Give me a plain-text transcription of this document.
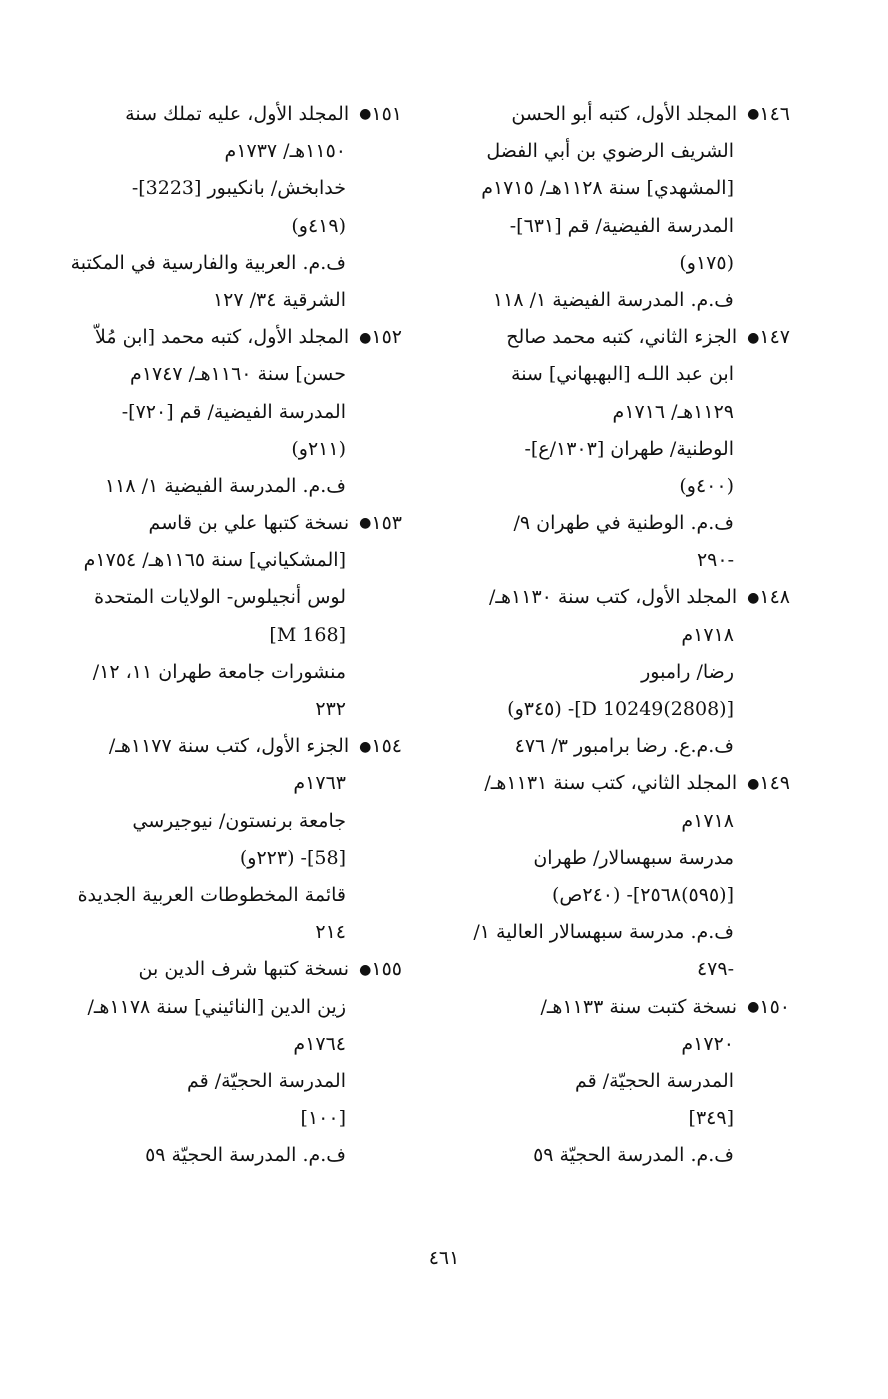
١٤٦● المجلد الأول، كتبه أبو الحسن
الشريف الرضوي بن أبي الفضل
[المشهدي] سنة ١١٢٨هـ/ ١٧١٥م
المدرسة الفيضية/ قم [٦٣١]-
(١٧٥و)
ف.م. المدرسة الفيضية ١/ ١١٨
١٤٧● الجزء الثاني، كتبه محمد صالح
ابن عبد اللـه [البهبهاني] سنة
١١٢٩هـ/ ١٧١٦م
الوطنية/ طهران [١٣٠٣/ع]-
(٤٠٠و)
ف.م. الوطنية في طهران ٩/
-٢٩٠
١٤٨● المجلد الأول، كتب سنة ١١٣٠هـ/
١٧١٨م
رضا/ رامبور
[D 10249(2808)]- (٣٤٥و)
ف.م.ع. رضا برامبور ٣/ ٤٧٦
١٤٩● المجلد الثاني، كتب سنة ١١٣١هـ/
١٧١٨م
مدرسة سبهسالار/ طهران
[(٥٩٥)٢٥٦٨]- (٢٤٠ص)
ف.م. مدرسة سبهسالار العالية ١/
-٤٧٩
١٥٠● نسخة كتبت سنة ١١٣٣هـ/
١٧٢٠م
المدرسة الحجيّة/ قم
[٣٤٩]
ف.م. المدرسة الحجيّة ٥٩
١٥١● المجلد الأول، عليه تملك سنة
١١٥٠هـ/ ١٧٣٧م
خدابخش/ بانكيبور [3223]-
(٤١٩و)
ف.م. العربية والفارسية في المكتبة
الشرقية ٣٤/ ١٢٧
١٥٢● المجلد الأول، كتبه محمد [ابن مُلاّ
حسن] سنة ١١٦٠هـ/ ١٧٤٧م
المدرسة الفيضية/ قم [٧٢٠]-
(٢١١و)
ف.م. المدرسة الفيضية ١/ ١١٨
١٥٣● نسخة كتبها علي بن قاسم
[المشكياني] سنة ١١٦٥هـ/ ١٧٥٤م
لوس أنجيلوس- الولايات المتحدة
[M 168]
منشورات جامعة طهران ١١، ١٢/
٢٣٢
١٥٤● الجزء الأول، كتب سنة ١١٧٧هـ/
١٧٦٣م
جامعة برنستون/ نيوجيرسي
[58]- (٢٢٣و)
قائمة المخطوطات العربية الجديدة
٢١٤
١٥٥● نسخة كتبها شرف الدين بن
زين الدين [النائيني] سنة ١١٧٨هـ/
١٧٦٤م
المدرسة الحجيّة/ قم
[١٠٠]
ف.م. المدرسة الحجيّة ٥٩
٤٦١
